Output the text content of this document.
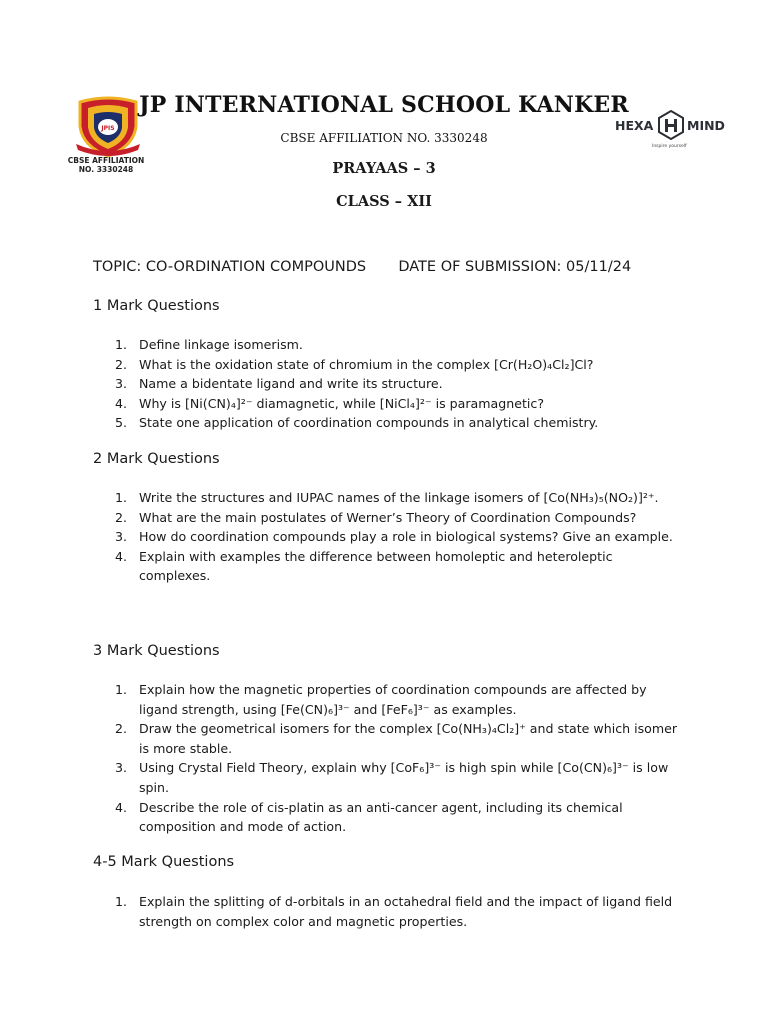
JPIS
CBSE AFFILIATION
NO. 3330248
JP INTERNATIONAL SCHOOL KANKER
CBSE AFFILIATION NO. 3330248
PRAYAAS – 3
CLASS – XII
HEXA	MIND
Inspire yourself
TOPIC: CO-ORDINATION COMPOUNDS       DATE OF SUBMISSION: 05/11/24
1 Mark Questions
1. Define linkage isomerism.
2. What is the oxidation state of chromium in the complex [Cr(H₂O)₄Cl₂]Cl?
3. Name a bidentate ligand and write its structure.
4. Why is [Ni(CN)₄]²⁻ diamagnetic, while [NiCl₄]²⁻ is paramagnetic?
5. State one application of coordination compounds in analytical chemistry.
2 Mark Questions
1. Write the structures and IUPAC names of the linkage isomers of [Co(NH₃)₅(NO₂)]²⁺.
2. What are the main postulates of Werner’s Theory of Coordination Compounds?
3. How do coordination compounds play a role in biological systems? Give an example.
4. Explain with examples the difference between homoleptic and heteroleptic complexes.
3 Mark Questions
1. Explain how the magnetic properties of coordination compounds are affected by ligand strength, using [Fe(CN)₆]³⁻ and [FeF₆]³⁻ as examples.
2. Draw the geometrical isomers for the complex [Co(NH₃)₄Cl₂]⁺ and state which isomer is more stable.
3. Using Crystal Field Theory, explain why [CoF₆]³⁻ is high spin while [Co(CN)₆]³⁻ is low spin.
4. Describe the role of cis-platin as an anti-cancer agent, including its chemical composition and mode of action.
4-5 Mark Questions
1. Explain the splitting of d-orbitals in an octahedral field and the impact of ligand field strength on complex color and magnetic properties.
